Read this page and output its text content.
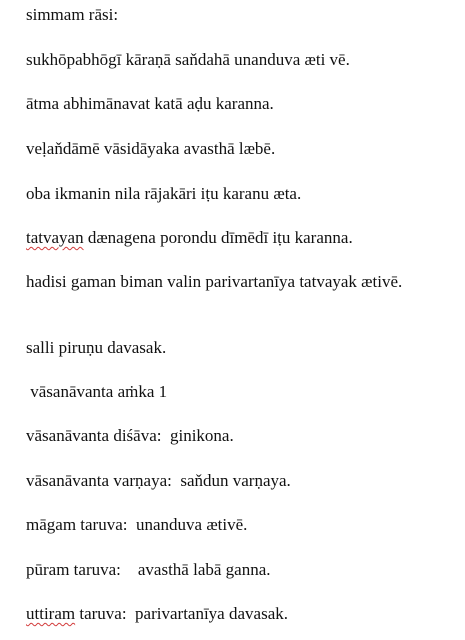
simmam rāsi:
sukhōpabhōgī kāraṇā saňdahā unanduva æti vē.
ātma abhimānavat katā aḍu karanna.
veḷaňdāmē vāsidāyaka avasthā læbē.
oba ikmanin nila rājakāri iṭu karanu æta.
tatvayan dænagena porondu dīmēdī iṭu karanna.
hadisi gaman biman valin parivartanīya tatvayak ætivē.
salli piruṇu davasak.
vāsanāvanta aṁka 1
vāsanāvanta diśāva:  ginikona.
vāsanāvanta varṇaya:  saňdun varṇaya.
māgam taruva:  unanduva ætivē.
pūram taruva:    avasthā labā ganna.
uttiram taruva:  parivartanīya davasak.
